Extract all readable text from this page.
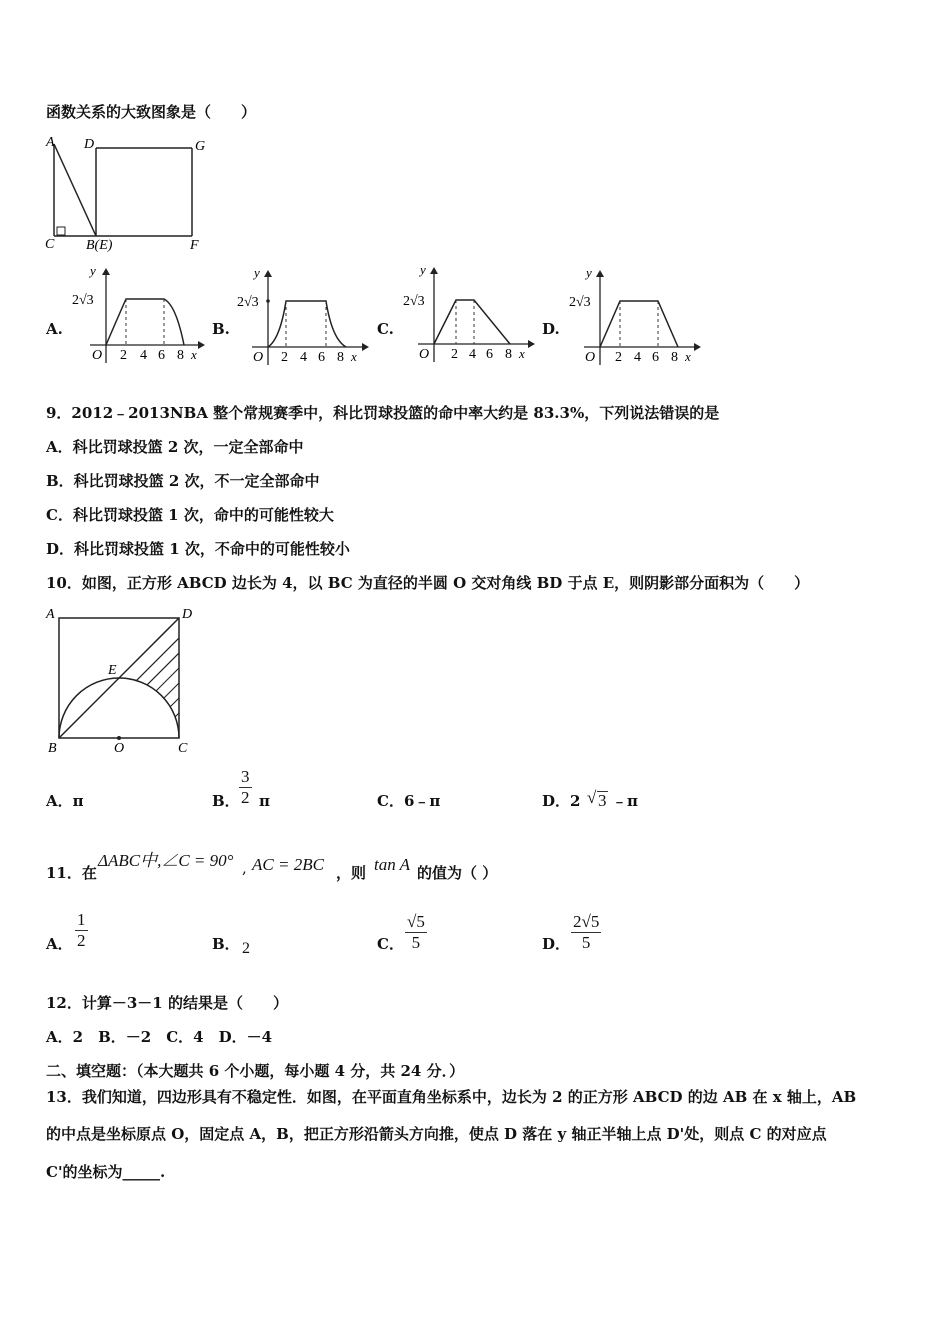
函数关系的大致图象是（　　）
A D	G
C B(E)	F
A.	B.	C.	D.
y
2√3
O 2 4 6 8 x
y
2√3
O 2 4 6 8 x
y
2√3
O 2 4 6 8 x
y
2√3
O 2 4 6 8 x
9．2012﹣2013NBA 整个常规赛季中，科比罚球投篮的命中率大约是 83.3%，下列说法错误的是
A．科比罚球投篮 2 次，一定全部命中
B．科比罚球投篮 2 次，不一定全部命中
C．科比罚球投篮 1 次，命中的可能性较大
D．科比罚球投篮 1 次，不命中的可能性较小
10．如图，正方形 ABCD 边长为 4，以 BC 为直径的半圆 O 交对角线 BD 于点 E，则阴影部分面积为（　　）
A	D
E
B	O	C
A．π	B． $\frac{3}{2}$ π	C．6﹣π	D．2 √ 3 ﹣π
11．在
ΔABC中,∠C = 90° , AC = 2BC ，则 tan A 的值为（ ）
A． $\frac{1}{2}$	B． 2	C． $\frac{√5}{5}$	D． $\frac{2√5}{5}$
12．计算－3－1 的结果是（　　）
A．2　B．－2　C．4　D．－4
二、填空题：（本大题共 6 个小题，每小题 4 分，共 24 分．）
13．我们知道，四边形具有不稳定性．如图，在平面直角坐标系中，边长为 2 的正方形 ABCD 的边 AB 在 x 轴上，AB
的中点是坐标原点 O，固定点 A，B，把正方形沿箭头方向推，使点 D 落在 y 轴正半轴上点 D'处，则点 C 的对应点
C'的坐标为_____.
